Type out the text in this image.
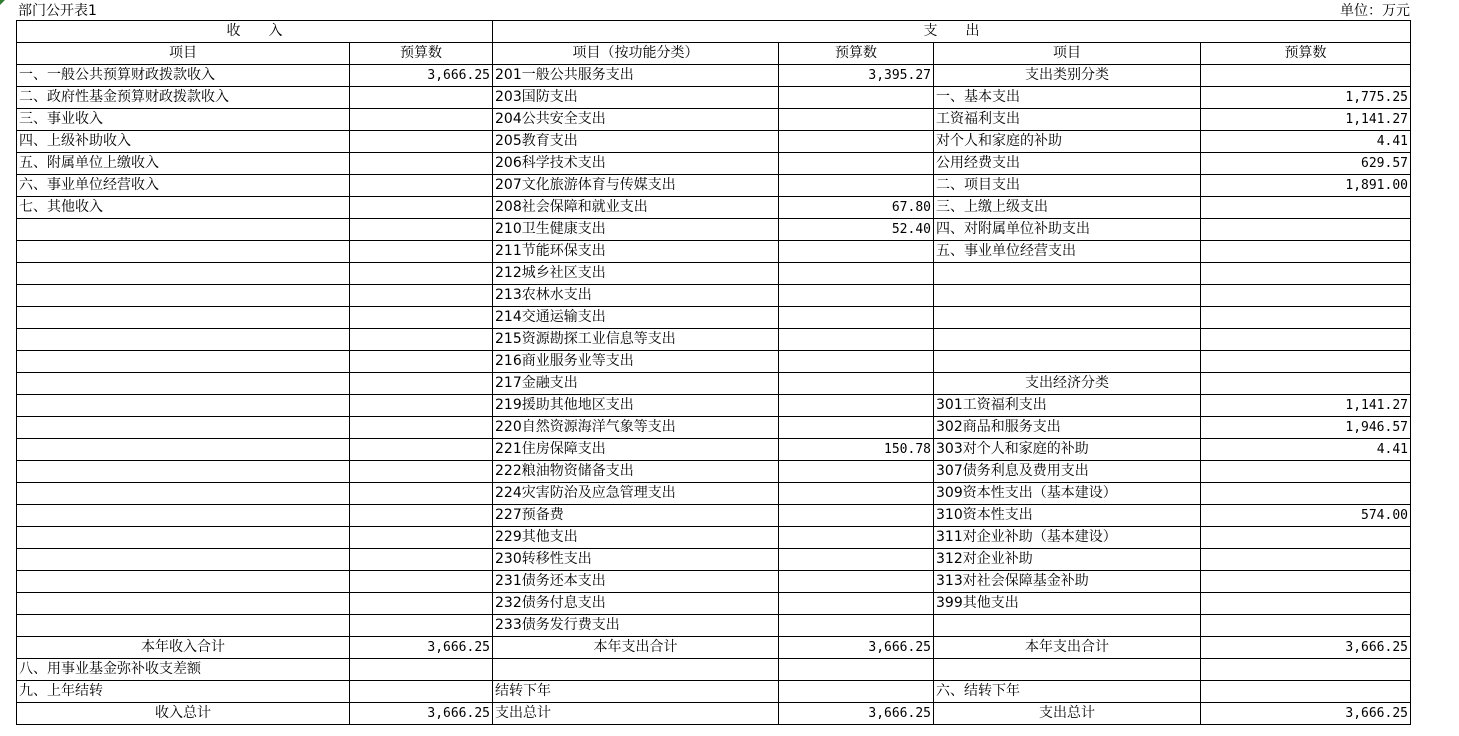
部门公开表1	单位：万元
收　　入		支　　出			
项目	预算数	项目（按功能分类）	预算数	项目	预算数
一、一般公共预算财政拨款收入	3,666.25	201一般公共服务支出	3,395.27	支出类别分类	
二、政府性基金预算财政拨款收入		203国防支出		一、基本支出	1,775.25
三、事业收入		204公共安全支出		工资福利支出	1,141.27
四、上级补助收入		205教育支出		对个人和家庭的补助	4.41
五、附属单位上缴收入		206科学技术支出		公用经费支出	629.57
六、事业单位经营收入		207文化旅游体育与传媒支出		二、项目支出	1,891.00
七、其他收入		208社会保障和就业支出	67.80	三、上缴上级支出	
		210卫生健康支出	52.40	四、对附属单位补助支出	
		211节能环保支出		五、事业单位经营支出	
		212城乡社区支出			
		213农林水支出			
		214交通运输支出			
		215资源勘探工业信息等支出			
		216商业服务业等支出			
		217金融支出		支出经济分类	
		219援助其他地区支出		301工资福利支出	1,141.27
		220自然资源海洋气象等支出		302商品和服务支出	1,946.57
		221住房保障支出	150.78	303对个人和家庭的补助	4.41
		222粮油物资储备支出		307债务利息及费用支出	
		224灾害防治及应急管理支出		309资本性支出（基本建设）	
		227预备费		310资本性支出	574.00
		229其他支出		311对企业补助（基本建设）	
		230转移性支出		312对企业补助	
		231债务还本支出		313对社会保障基金补助	
		232债务付息支出		399其他支出	
		233债务发行费支出			
本年收入合计	3,666.25	本年支出合计	3,666.25	本年支出合计	3,666.25
八、用事业基金弥补收支差额					
九、上年结转		结转下年		六、结转下年	
收入总计	3,666.25	支出总计	3,666.25	支出总计	3,666.25
